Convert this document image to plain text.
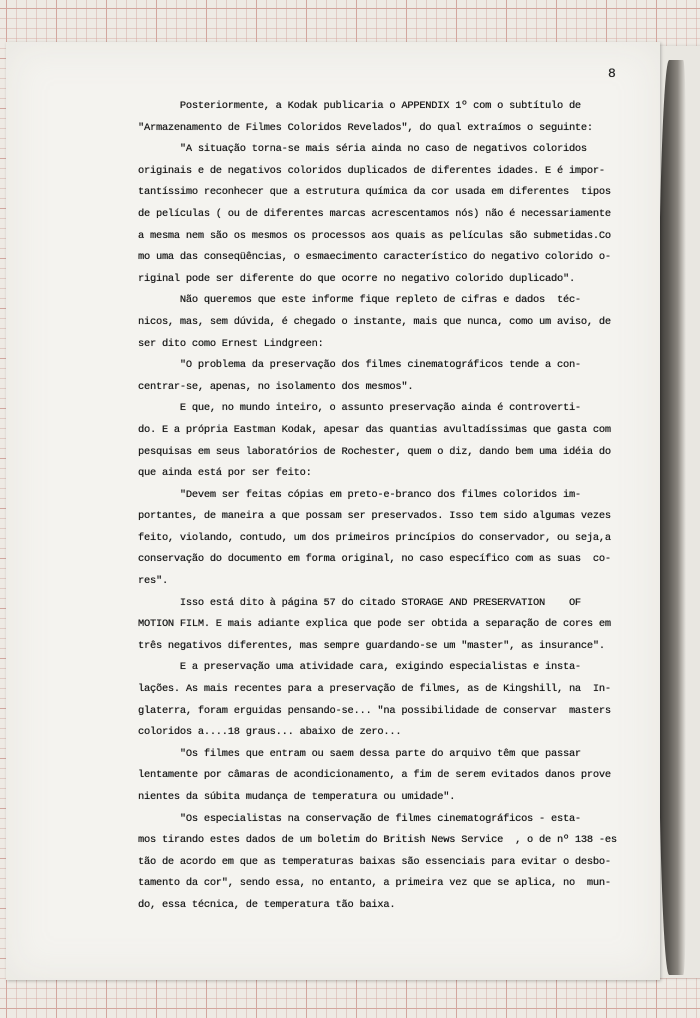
8

Posteriormente, a Kodak publicaria o APPENDIX 1º com o subtítulo de

"Armazenamento de Filmes Coloridos Revelados", do qual extraímos o seguinte:

"A situação torna-se mais séria ainda no caso de negativos coloridos

originais e de negativos coloridos duplicados de diferentes idades. E é impor-

tantíssimo reconhecer que a estrutura química da cor usada em diferentes  tipos

de películas ( ou de diferentes marcas acrescentamos nós) não é necessariamente

a mesma nem são os mesmos os processos aos quais as películas são submetidas.Co

mo uma das conseqüências, o esmaecimento característico do negativo colorido o-

riginal pode ser diferente do que ocorre no negativo colorido duplicado".

Não queremos que este informe fique repleto de cifras e dados  téc-

nicos, mas, sem dúvida, é chegado o instante, mais que nunca, como um aviso, de

ser dito como Ernest Lindgreen:

"O problema da preservação dos filmes cinematográficos tende a con-

centrar-se, apenas, no isolamento dos mesmos".

E que, no mundo inteiro, o assunto preservação ainda é controverti-

do. E a própria Eastman Kodak, apesar das quantias avultadíssimas que gasta com

pesquisas em seus laboratórios de Rochester, quem o diz, dando bem uma idéia do

que ainda está por ser feito:

"Devem ser feitas cópias em preto-e-branco dos filmes coloridos im-

portantes, de maneira a que possam ser preservados. Isso tem sido algumas vezes

feito, violando, contudo, um dos primeiros princípios do conservador, ou seja,a

conservação do documento em forma original, no caso específico com as suas  co-

res".

Isso está dito à página 57 do citado STORAGE AND PRESERVATION    OF

MOTION FILM. E mais adiante explica que pode ser obtida a separação de cores em

três negativos diferentes, mas sempre guardando-se um "master", as insurance".

E a preservação uma atividade cara, exigindo especialistas e insta-

lações. As mais recentes para a preservação de filmes, as de Kingshill, na  In-

glaterra, foram erguidas pensando-se... "na possibilidade de conservar  masters

coloridos a....18 graus... abaixo de zero...

"Os filmes que entram ou saem dessa parte do arquivo têm que passar

lentamente por câmaras de acondicionamento, a fim de serem evitados danos prove

nientes da súbita mudança de temperatura ou umidade".

"Os especialistas na conservação de filmes cinematográficos - esta-

mos tirando estes dados de um boletim do British News Service  , o de nº 138 -es

tão de acordo em que as temperaturas baixas são essenciais para evitar o desbo-

tamento da cor", sendo essa, no entanto, a primeira vez que se aplica, no  mun-

do, essa técnica, de temperatura tão baixa.
